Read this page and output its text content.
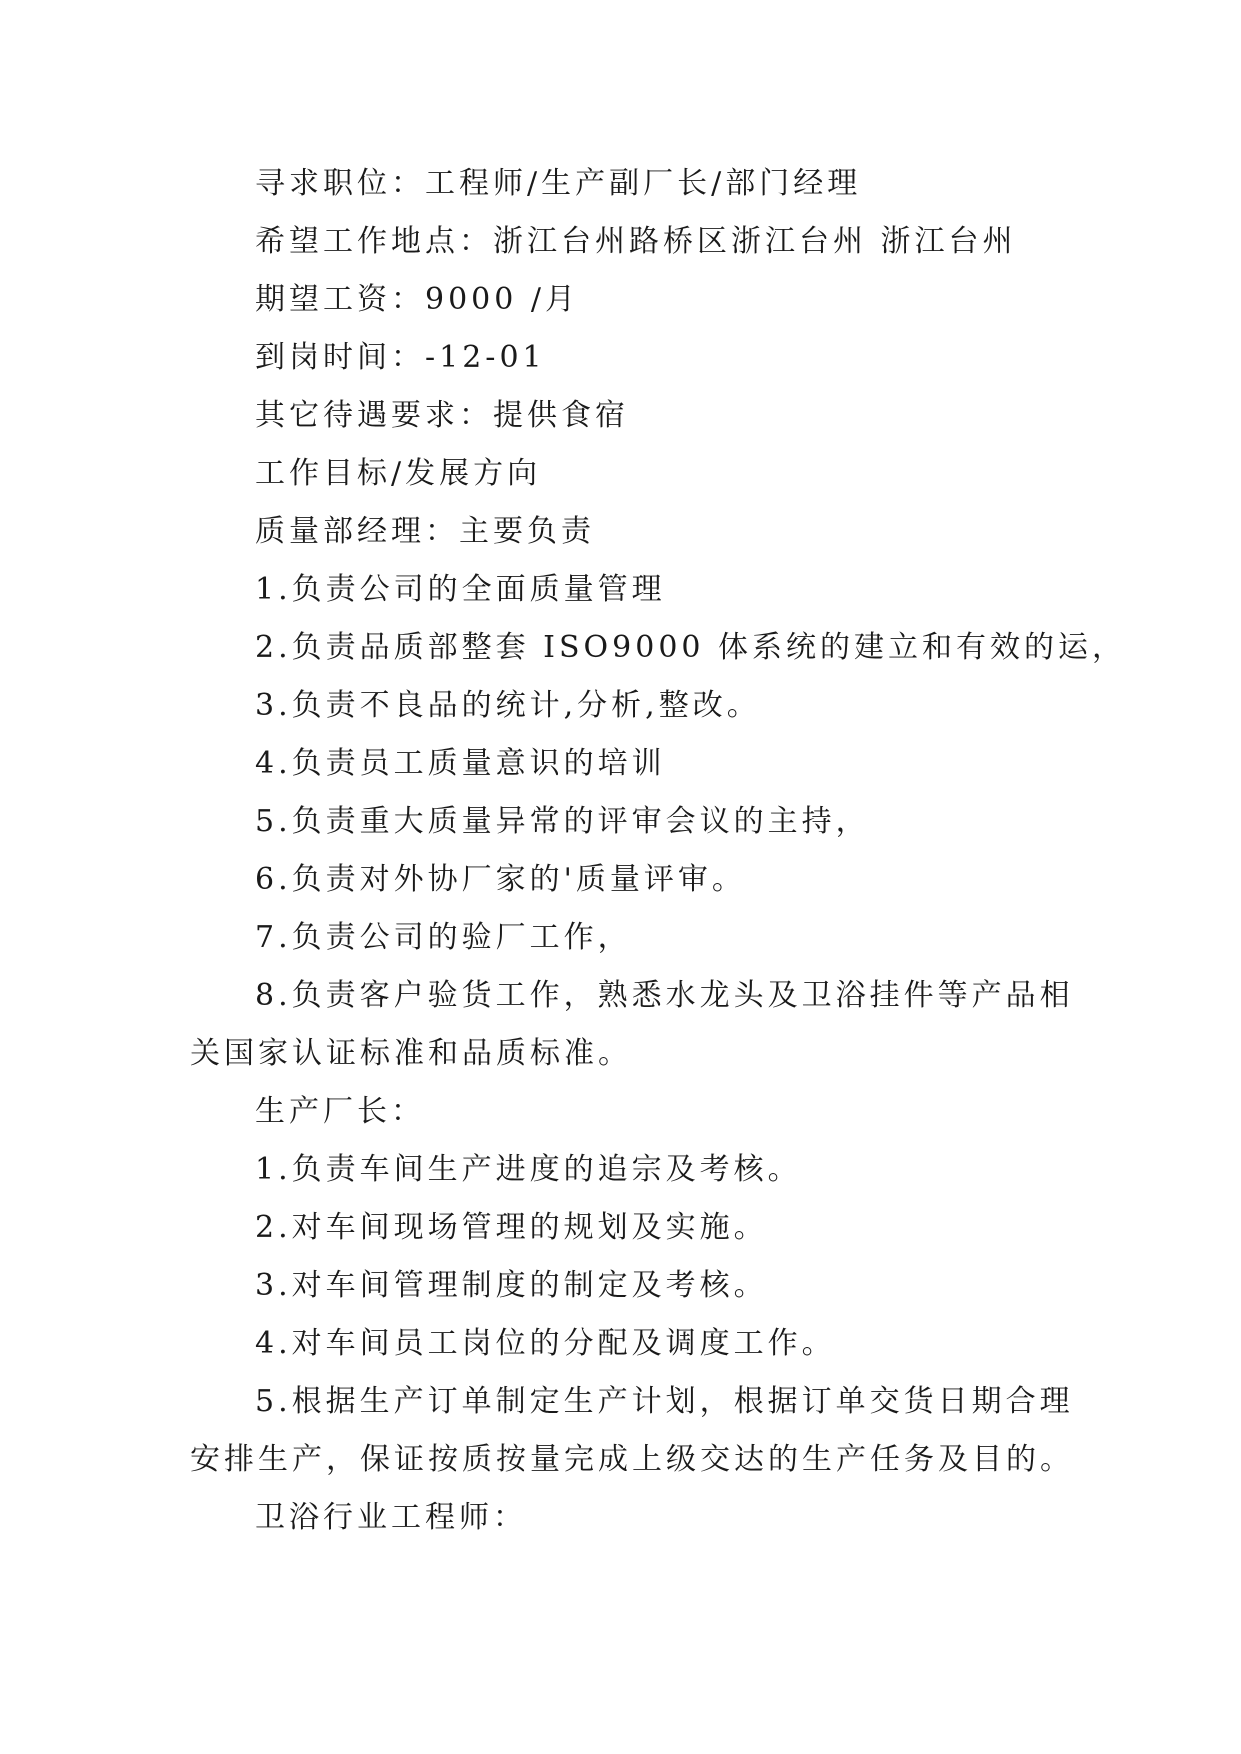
寻求职位：工程师/生产副厂长/部门经理
希望工作地点：浙江台州路桥区浙江台州 浙江台州
期望工资：9000 /月
到岗时间：-12-01
其它待遇要求：提供食宿
工作目标/发展方向
质量部经理：主要负责
1.负责公司的全面质量管理
2.负责品质部整套 ISO9000 体系统的建立和有效的运，
3.负责不良品的统计,分析,整改。
4.负责员工质量意识的培训
5.负责重大质量异常的评审会议的主持，
6.负责对外协厂家的'质量评审。
7.负责公司的验厂工作，
8.负责客户验货工作，熟悉水龙头及卫浴挂件等产品相
关国家认证标准和品质标准。
生产厂长：
1.负责车间生产进度的追宗及考核。
2.对车间现场管理的规划及实施。
3.对车间管理制度的制定及考核。
4.对车间员工岗位的分配及调度工作。
5.根据生产订单制定生产计划，根据订单交货日期合理
安排生产，保证按质按量完成上级交达的生产任务及目的。
卫浴行业工程师：
